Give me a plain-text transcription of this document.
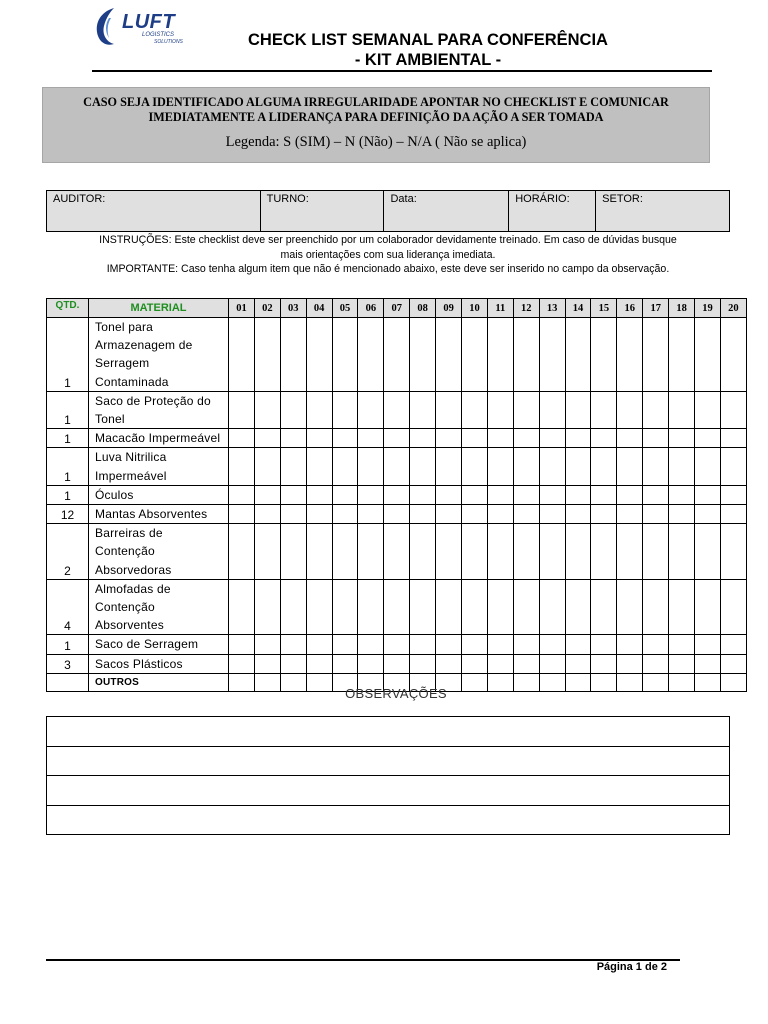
LUFT
LOGISTICS
SOLUTIONS	CHECK LIST SEMANAL PARA CONFERÊNCIA
- KIT AMBIENTAL -
CASO SEJA IDENTIFICADO ALGUMA IRREGULARIDADE APONTAR NO CHECKLIST E COMUNICAR IMEDIATAMENTE A LIDERANÇA PARA DEFINIÇÃO DA AÇÃO A SER TOMADA
Legenda: S (SIM) – N (Não) – N/A ( Não se aplica)
AUDITOR:	TURNO:	Data:	HORÁRIO:	SETOR:

INSTRUÇÕES: Este checklist deve ser preenchido por um colaborador devidamente treinado. Em caso de dúvidas busque

mais orientações com sua liderança imediata.

IMPORTANTE: Caso tenha algum item que não é mencionado abaixo, este deve ser inserido no campo da observação.

QTD.	MATERIAL	01	02	03	04	05	06	07	08	09	10	11	12	13	14	15	16	17	18	19	20
1	Tonel para
Armazenagem de
Serragem
Contaminada																				

1	Saco de Proteção do
Tonel																				

1	Macacão Impermeável																				

1	Luva Nitrilica
Impermeável																				

1	Óculos																				

12	Mantas Absorventes																				

2	Barreiras de
Contenção
Absorvedoras																				

4	Almofadas de
Contenção
Absorventes																				

1	Saco de Serragem																				

3	Sacos Plásticos																				

	OUTROS																				

OBSERVAÇÕES

Página 1 de 2
